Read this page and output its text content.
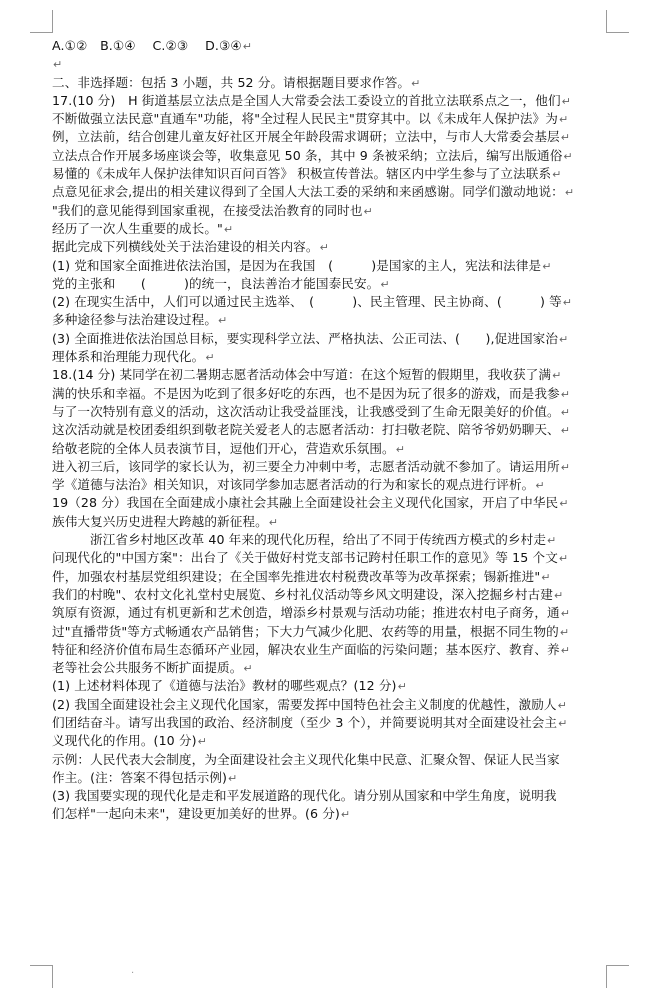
A.①②　B.①④　 C.②③　 D.③④↵
↵
二、非选择题：包括 3 小题，共 52 分。请根据题目要求作答。↵
17.(10 分)　H 街道基层立法点是全国人大常委会法工委设立的首批立法联系点之一，他们↵
不断做强立法民意"直通车"功能，将"全过程人民民主"贯穿其中。以《未成年人保护法》为↵
例，立法前，结合创建儿童友好社区开展全年龄段需求调研；立法中，与市人大常委会基层↵
立法点合作开展多场座谈会等，收集意见 50 条，其中 9 条被采纳；立法后，编写出版通俗↵
易懂的《未成年人保护法律知识百问百答》 积极宣传普法。辖区内中学生参与了立法联系↵
点意见征求会,提出的相关建议得到了全国人大法工委的采纳和来函感谢。同学们激动地说：↵
"我们的意见能得到国家重视，在接受法治教育的同时也↵
经历了一次人生重要的成长。"↵
据此完成下列横线处关于法治建设的相关内容。↵
(1) 党和国家全面推进依法治国，是因为在我国　(　　　)是国家的主人，宪法和法律是↵
党的主张和　　(　　　)的统一，良法善治才能国泰民安。↵
(2) 在现实生活中，人们可以通过民主选举、　(　　　)、民主管理、民主协商、(　　　) 等↵
多种途径参与法治建设过程。↵
(3) 全面推进依法治国总目标，要实现科学立法、严格执法、公正司法、(　　),促进国家治↵
理体系和治理能力现代化。↵
18.(14 分) 某同学在初二暑期志愿者活动体会中写道：在这个短暂的假期里，我收获了满↵
满的快乐和幸福。不是因为吃到了很多好吃的东西，也不是因为玩了很多的游戏，而是我参↵
与了一次特别有意义的活动，这次活动让我受益匪浅，让我感受到了生命无限美好的价值。↵
这次活动就是校团委组织到敬老院关爱老人的志愿者活动：打扫敬老院、陪爷爷奶奶聊天、↵
给敬老院的全体人员表演节目，逗他们开心，营造欢乐氛围。↵
进入初三后，该同学的家长认为，初三要全力冲刺中考，志愿者活动就不参加了。请运用所↵
学《道德与法治》相关知识，对该同学参加志愿者活动的行为和家长的观点进行评析。↵
19（28 分）我国在全面建成小康社会其融上全面建设社会主义现代化国家，开启了中华民↵
族伟大复兴历史进程大跨越的新征程。↵
浙江省乡村地区改革 40 年来的现代化历程，给出了不同于传统西方模式的乡村走↵
问现代化的"中国方案"：出台了《关于做好村党支部书记跨村任职工作的意见》等 15 个文↵
件，加强农村基层党组织建设；在全国率先推进农村税费改革等为改革探索；锡新推进"↵
我们的村晚"、农村文化礼堂村史展览、乡村礼仪活动等乡风文明建设，深入挖掘乡村古建↵
筑原有资源，通过有机更新和艺术创造，增添乡村景观与活动功能；推进农村电子商务，通↵
过"直播带货"等方式畅通农产品销售；下大力气减少化肥、农药等的用量，根据不同生物的↵
特征和经济价值布局生态循环产业园，解决农业生产面临的污染问题；基本医疗、教育、养↵
老等社会公共服务不断扩面提质。↵
(1) 上述材料体现了《道德与法治》教材的哪些观点？(12 分)↵
(2) 我国全面建设社会主义现代化国家，需要发挥中国特色社会主义制度的优越性，激励人↵
们团结奋斗。请写出我国的政治、经济制度（至少 3 个），并简要说明其对全面建设社会主↵
义现代化的作用。(10 分)↵
示例：人民代表大会制度，为全面建设社会主义现代化集中民意、汇聚众智、保证人民当家
作主。(注：答案不得包括示例)↵
(3) 我国要实现的现代化是走和平发展道路的现代化。请分别从国家和中学生角度，说明我
们怎样"一起向未来"，建设更加美好的世界。(6 分)↵
·
